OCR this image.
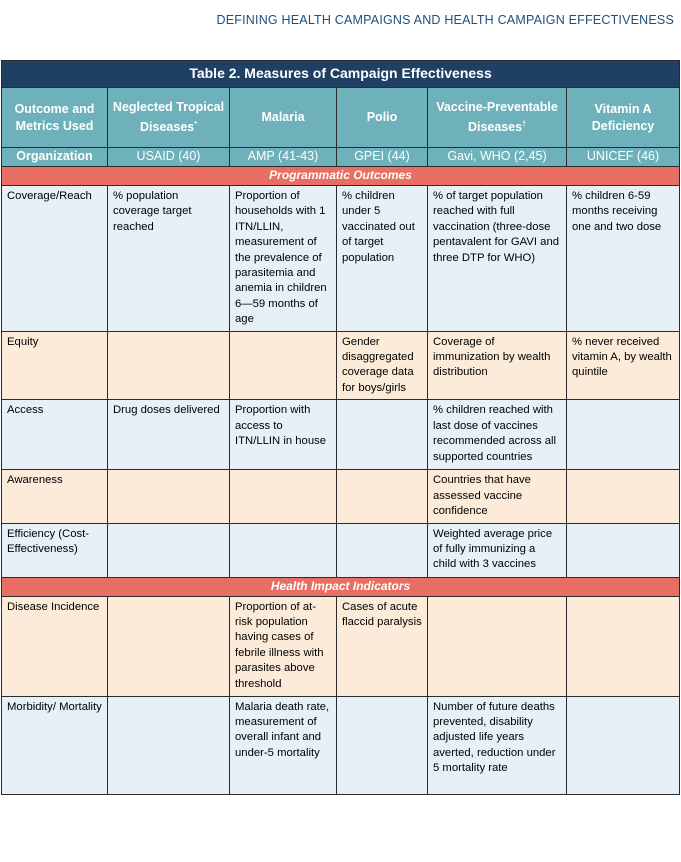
DEFINING HEALTH CAMPAIGNS AND HEALTH CAMPAIGN EFFECTIVENESS
Table 2. Measures of Campaign Effectiveness					
Outcome and Metrics Used	Neglected Tropical Diseases*	Malaria	Polio	Vaccine-Preventable Diseases†	Vitamin A Deficiency
Organization	USAID (40)	AMP (41-43)	GPEI (44)	Gavi, WHO (2,45)	UNICEF (46)
Programmatic Outcomes					
Coverage/Reach	% population coverage target reached	Proportion of households with 1 ITN/LLIN, measurement of the prevalence of parasitemia and anemia in children 6—59 months of age	% children under 5 vaccinated out of target population	% of target population reached with full vaccination (three-dose pentavalent for GAVI and three DTP for WHO)	% children 6-59 months receiving one and two dose
Equity			Gender disaggregated coverage data for boys/girls	Coverage of immunization by wealth distribution	% never received vitamin A, by wealth quintile
Access	Drug doses delivered	Proportion with access to ITN/LLIN in house		% children reached with last dose of vaccines recommended across all supported countries	
Awareness				Countries that have assessed vaccine confidence	
Efficiency (Cost-Effectiveness)				Weighted average price of fully immunizing a child with 3 vaccines	
Health Impact Indicators					
Disease Incidence		Proportion of at-risk population having cases of febrile illness with parasites above threshold	Cases of acute flaccid paralysis		
Morbidity/ Mortality		Malaria death rate, measurement of overall infant and under-5 mortality		Number of future deaths prevented, disability adjusted life years averted, reduction under 5 mortality rate	
